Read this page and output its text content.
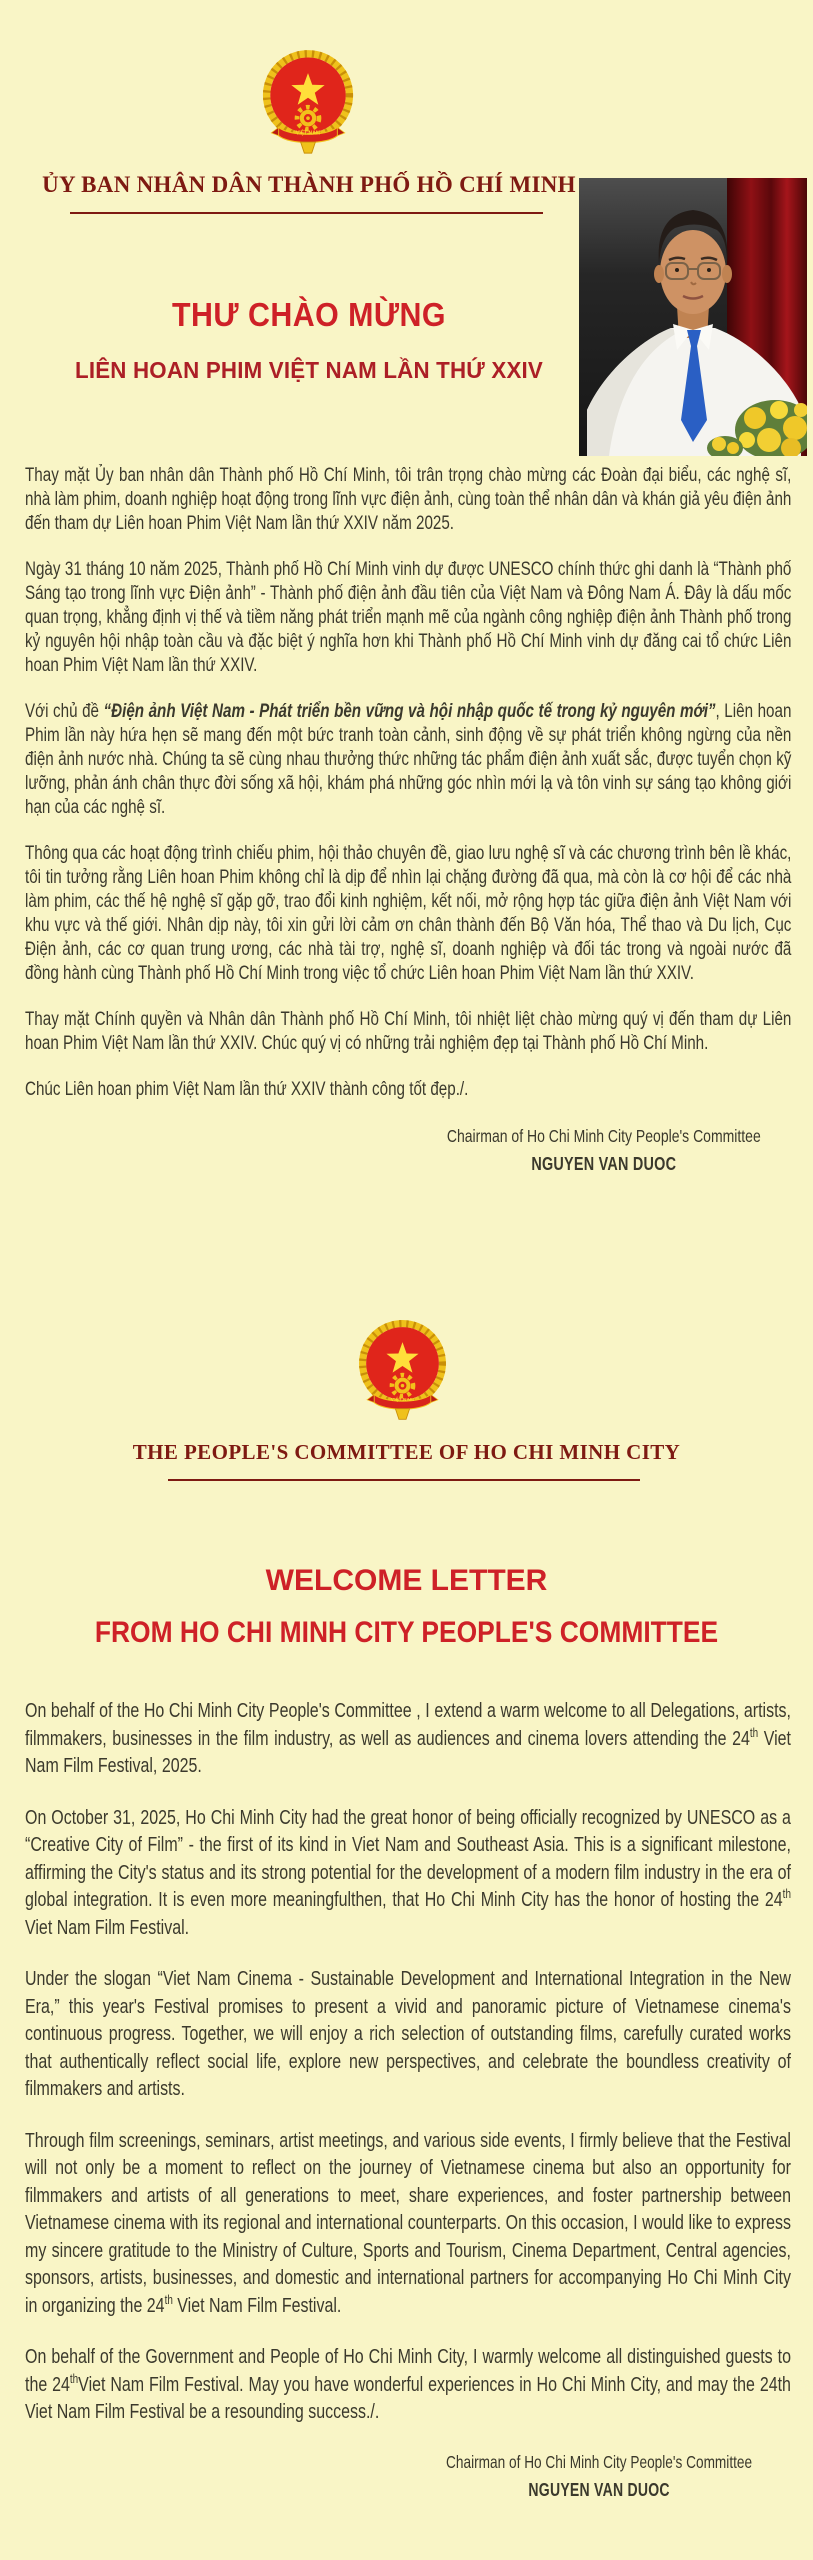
VIỆT NAM
ỦY BAN NHÂN DÂN THÀNH PHỐ HỒ CHÍ MINH
THƯ CHÀO MỪNG
LIÊN HOAN PHIM VIỆT NAM LẦN THỨ XXIV

Thay mặt Ủy ban nhân dân Thành phố Hồ Chí Minh, tôi trân trọng chào mừng các Đoàn đại biểu, các nghệ sĩ, nhà làm phim, doanh nghiệp hoạt động trong lĩnh vực điện ảnh, cùng toàn thể nhân dân và khán giả yêu điện ảnh đến tham dự Liên hoan Phim Việt Nam lần thứ XXIV năm 2025.

Ngày 31 tháng 10 năm 2025, Thành phố Hồ Chí Minh vinh dự được UNESCO chính thức ghi danh là “Thành phố Sáng tạo trong lĩnh vực Điện ảnh” - Thành phố điện ảnh đầu tiên của Việt Nam và Đông Nam Á. Đây là dấu mốc quan trọng, khẳng định vị thế và tiềm năng phát triển mạnh mẽ của ngành công nghiệp điện ảnh Thành phố trong kỷ nguyên hội nhập toàn cầu và đặc biệt ý nghĩa hơn khi Thành phố Hồ Chí Minh vinh dự đăng cai tổ chức Liên hoan Phim Việt Nam lần thứ XXIV.

Với chủ đề “Điện ảnh Việt Nam - Phát triển bền vững và hội nhập quốc tế trong kỷ nguyên mới”, Liên hoan Phim lần này hứa hẹn sẽ mang đến một bức tranh toàn cảnh, sinh động về sự phát triển không ngừng của nền điện ảnh nước nhà. Chúng ta sẽ cùng nhau thưởng thức những tác phẩm điện ảnh xuất sắc, được tuyển chọn kỹ lưỡng, phản ánh chân thực đời sống xã hội, khám phá những góc nhìn mới lạ và tôn vinh sự sáng tạo không giới hạn của các nghệ sĩ.

Thông qua các hoạt động trình chiếu phim, hội thảo chuyên đề, giao lưu nghệ sĩ và các chương trình bên lề khác, tôi tin tưởng rằng Liên hoan Phim không chỉ là dịp để nhìn lại chặng đường đã qua, mà còn là cơ hội để các nhà làm phim, các thế hệ nghệ sĩ gặp gỡ, trao đổi kinh nghiệm, kết nối, mở rộng hợp tác giữa điện ảnh Việt Nam với khu vực và thế giới. Nhân dịp này, tôi xin gửi lời cảm ơn chân thành đến Bộ Văn hóa, Thể thao và Du lịch, Cục Điện ảnh, các cơ quan trung ương, các nhà tài trợ, nghệ sĩ, doanh nghiệp và đối tác trong và ngoài nước đã đồng hành cùng Thành phố Hồ Chí Minh trong việc tổ chức Liên hoan Phim Việt Nam lần thứ XXIV.

Thay mặt Chính quyền và Nhân dân Thành phố Hồ Chí Minh, tôi nhiệt liệt chào mừng quý vị đến tham dự Liên hoan Phim Việt Nam lần thứ XXIV. Chúc quý vị có những trải nghiệm đẹp tại Thành phố Hồ Chí Minh.

Chúc Liên hoan phim Việt Nam lần thứ XXIV thành công tốt đẹp./.

Chairman of Ho Chi Minh City People's Committee
NGUYEN VAN DUOC
VIỆT NAM
THE PEOPLE'S COMMITTEE OF HO CHI MINH CITY
WELCOME LETTER
FROM HO CHI MINH CITY PEOPLE'S COMMITTEE

On behalf of the Ho Chi Minh City People's Committee , I extend a warm welcome to all Delegations, artists, filmmakers, businesses in the film industry, as well as audiences and cinema lovers attending the 24th Viet Nam Film Festival, 2025.

On October 31, 2025, Ho Chi Minh City had the great honor of being officially recognized by UNESCO as a “Creative City of Film” - the first of its kind in Viet Nam and Southeast Asia. This is a significant milestone, affirming the City's status and its strong potential for the development of a modern film industry in the era of global integration. It is even more meaningfulthen, that Ho Chi Minh City has the honor of hosting the 24th Viet Nam Film Festival.

Under the slogan “Viet Nam Cinema - Sustainable Development and International Integration in the New Era,” this year's Festival promises to present a vivid and panoramic picture of Vietnamese cinema's continuous progress. Together, we will enjoy a rich selection of outstanding films, carefully curated works that authentically reflect social life, explore new perspectives, and celebrate the boundless creativity of filmmakers and artists.

Through film screenings, seminars, artist meetings, and various side events, I firmly believe that the Festival will not only be a moment to reflect on the journey of Vietnamese cinema but also an opportunity for filmmakers and artists of all generations to meet, share experiences, and foster partnership between Vietnamese cinema with its regional and international counterparts. On this occasion, I would like to express my sincere gratitude to the Ministry of Culture, Sports and Tourism, Cinema Department, Central agencies, sponsors, artists, businesses, and domestic and international partners for accompanying Ho Chi Minh City in organizing the 24th Viet Nam Film Festival.

On behalf of the Government and People of Ho Chi Minh City, I warmly welcome all distinguished guests to the 24thViet Nam Film Festival. May you have wonderful experiences in Ho Chi Minh City, and may the 24th Viet Nam Film Festival be a resounding success./.

Chairman of Ho Chi Minh City People's Committee
NGUYEN VAN DUOC
